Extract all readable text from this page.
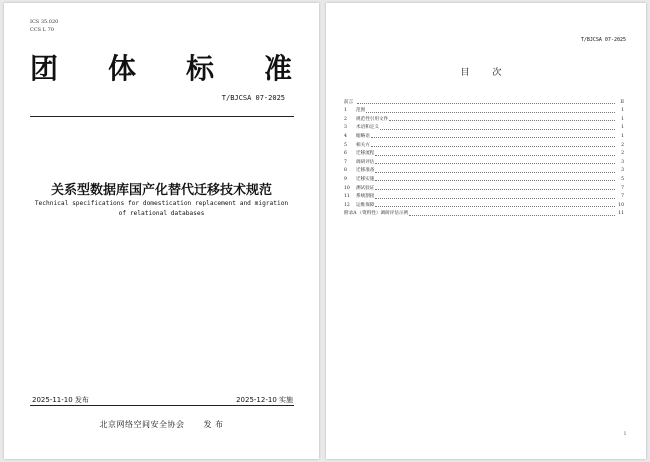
ICS 35.020
CCS L 70
团 体 标 准
T/BJCSA 07-2025
关系型数据库国产化替代迁移技术规范
Technical specifications for domestication replacement and migration
of relational databases
2025-11-10 发布	2025-12-10 实施
北京网络空间安全协会 发 布
T/BJCSA 07-2025
目 次
前言	II
1	范围	1
2	规范性引用文件	1
3	术语和定义	1
4	缩略语	1
5	相关方	2
6	迁移流程	2
7	调研评估	3
8	迁移准备	3
9	迁移实施	5
10	测试验证	7
11	系统割接	7
12	运维保障	10
附录A （资料性）调研评估示例	11
I
